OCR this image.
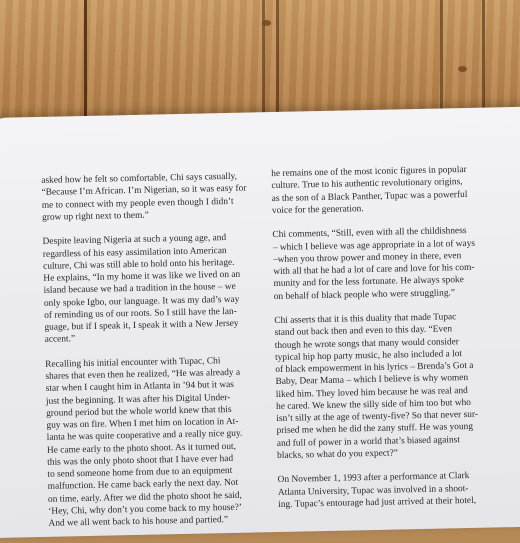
asked how he felt so comfortable, Chi says casually,
“Because I’m African. I’m Nigerian, so it was easy for
me to connect with my people even though I didn’t
grow up right next to them.”

Despite leaving Nigeria at such a young age, and
regardless of his easy assimilation into American
culture, Chi was still able to hold onto his heritage.
He explains, “In my home it was like we lived on an
island because we had a tradition in the house – we
only spoke Igbo, our language. It was my dad’s way
of reminding us of our roots. So I still have the lan-
guage, but if I speak it, I speak it with a New Jersey
accent.”

Recalling his initial encounter with Tupac, Chi
shares that even then he realized, “He was already a
star when I caught him in Atlanta in ’94 but it was
just the beginning. It was after his Digital Under-
ground period but the whole world knew that this
guy was on fire. When I met him on location in At-
lanta he was quite cooperative and a really nice guy.
He came early to the photo shoot. As it turned out,
this was the only photo shoot that I have ever had
to send someone home from due to an equipment
malfunction. He came back early the next day. Not
on time, early. After we did the photo shoot he said,
‘Hey, Chi, why don’t you come back to my house?’
And we all went back to his house and partied.”

he remains one of the most iconic figures in popular
culture. True to his authentic revolutionary origins,
as the son of a Black Panther, Tupac was a powerful
voice for the generation.

Chi comments, “Still, even with all the childishness
– which I believe was age appropriate in a lot of ways
–when you throw power and money in there, even
with all that he had a lot of care and love for his com-
munity and for the less fortunate. He always spoke
on behalf of black people who were struggling.”

Chi asserts that it is this duality that made Tupac
stand out back then and even to this day. “Even
though he wrote songs that many would consider
typical hip hop party music, he also included a lot
of black empowerment in his lyrics – Brenda’s Got a
Baby, Dear Mama – which I believe is why women
liked him. They loved him because he was real and
he cared. We knew the silly side of him too but who
isn’t silly at the age of twenty-five? So that never sur-
prised me when he did the zany stuff. He was young
and full of power in a world that’s biased against
blacks, so what do you expect?”

On November 1, 1993 after a performance at Clark
Atlanta University, Tupac was involved in a shoot-
ing. Tupac’s entourage had just arrived at their hotel,
